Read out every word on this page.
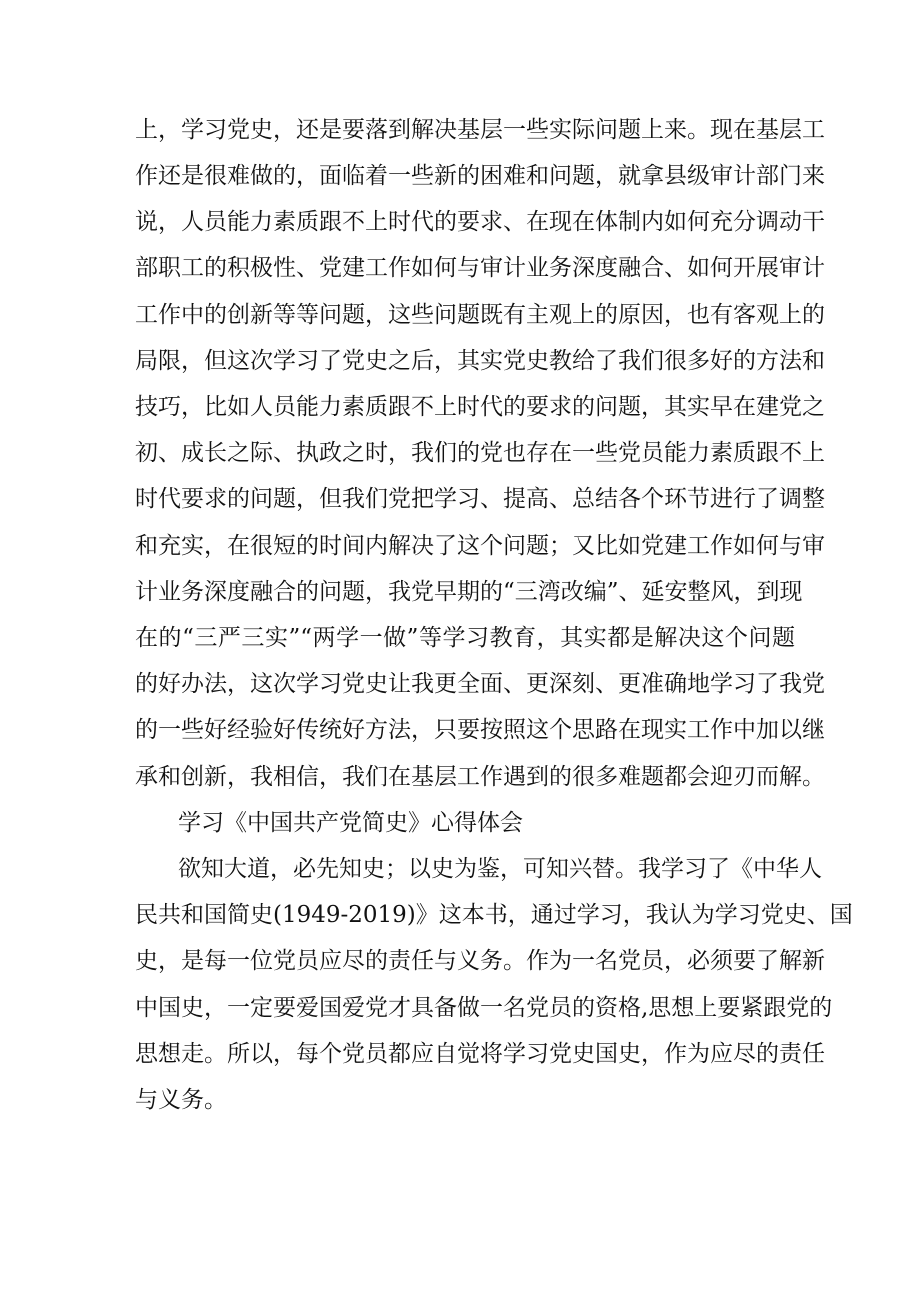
上，学习党史，还是要落到解决基层一些实际问题上来。现在基层工
作还是很难做的，面临着一些新的困难和问题，就拿县级审计部门来
说，人员能力素质跟不上时代的要求、在现在体制内如何充分调动干
部职工的积极性、党建工作如何与审计业务深度融合、如何开展审计
工作中的创新等等问题，这些问题既有主观上的原因，也有客观上的
局限，但这次学习了党史之后，其实党史教给了我们很多好的方法和
技巧，比如人员能力素质跟不上时代的要求的问题，其实早在建党之
初、成长之际、执政之时，我们的党也存在一些党员能力素质跟不上
时代要求的问题，但我们党把学习、提高、总结各个环节进行了调整
和充实，在很短的时间内解决了这个问题；又比如党建工作如何与审
计业务深度融合的问题，我党早期的“三湾改编”、延安整风，到现
在的“三严三实”“两学一做”等学习教育，其实都是解决这个问题
的好办法，这次学习党史让我更全面、更深刻、更准确地学习了我党
的一些好经验好传统好方法，只要按照这个思路在现实工作中加以继
承和创新，我相信，我们在基层工作遇到的很多难题都会迎刃而解。
学习《中国共产党简史》心得体会
欲知大道，必先知史；以史为鉴，可知兴替。我学习了《中华人
民共和国简史(1949-2019)》这本书，通过学习，我认为学习党史、国
史，是每一位党员应尽的责任与义务。作为一名党员，必须要了解新
中国史，一定要爱国爱党才具备做一名党员的资格,思想上要紧跟党的
思想走。所以，每个党员都应自觉将学习党史国史，作为应尽的责任
与义务。
